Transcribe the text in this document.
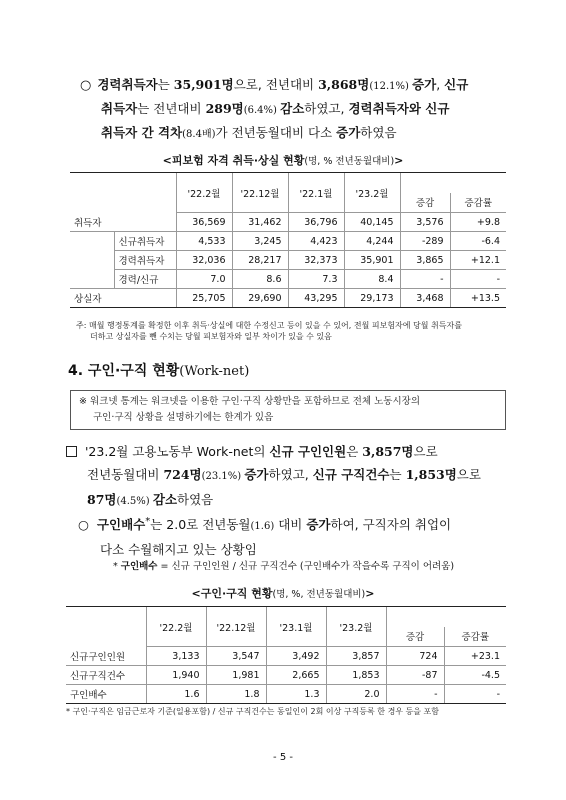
○ 경력취득자는 35,901명으로, 전년대비 3,868명(12.1%) 증가, 신규
취득자는 전년대비 289명(6.4%) 감소하였고, 경력취득자와 신규
취득자 간 격차(8.4배)가 전년동월대비 다소 증가하였음
<피보험 자격 취득·상실 현황(명, % 전년동월대비)>
		'22.2월	'22.12월	'22.1월	'23.2월		
						증감	증감률
취득자		36,569	31,462	36,796	40,145	3,576	+9.8
	신규취득자	4,533	3,245	4,423	4,244	-289	-6.4
	경력취득자	32,036	28,217	32,373	35,901	3,865	+12.1
	경력/신규	7.0	8.6	7.3	8.4	-	-
상실자		25,705	29,690	43,295	29,173	3,468	+13.5
주: 매월 행정통계를 확정한 이후 취득·상실에 대한 수정신고 등이 있을 수 있어, 전월 피보험자에 당월 취득자를
더하고 상실자를 뺀 수치는 당월 피보험자와 일부 차이가 있을 수 있음
4. 구인·구직 현황(Work-net)
※ 워크넷 통계는 워크넷을 이용한 구인·구직 상황만을 포함하므로 전체 노동시장의
구인·구직 상황을 설명하기에는 한계가 있음
'23.2월 고용노동부 Work-net의 신규 구인인원은 3,857명으로
전년동월대비 724명(23.1%) 증가하였고, 신규 구직건수는 1,853명으로
87명(4.5%) 감소하였음
○ 구인배수*는 2.0로 전년동월(1.6) 대비 증가하여, 구직자의 취업이
다소 수월해지고 있는 상황임
* 구인배수 = 신규 구인인원 / 신규 구직건수 (구인배수가 작을수록 구직이 어려움)
<구인·구직 현황(명, %, 전년동월대비)>
	'22.2월	'22.12월	'23.1월	'23.2월		
					증감	증감률
신규구인인원	3,133	3,547	3,492	3,857	724	+23.1
신규구직건수	1,940	1,981	2,665	1,853	-87	-4.5
구인배수	1.6	1.8	1.3	2.0	-	-
* 구인·구직은 임금근로자 기준(일용포함) / 신규 구직건수는 동일인이 2회 이상 구직등록 한 경우 등을 포함
- 5 -
